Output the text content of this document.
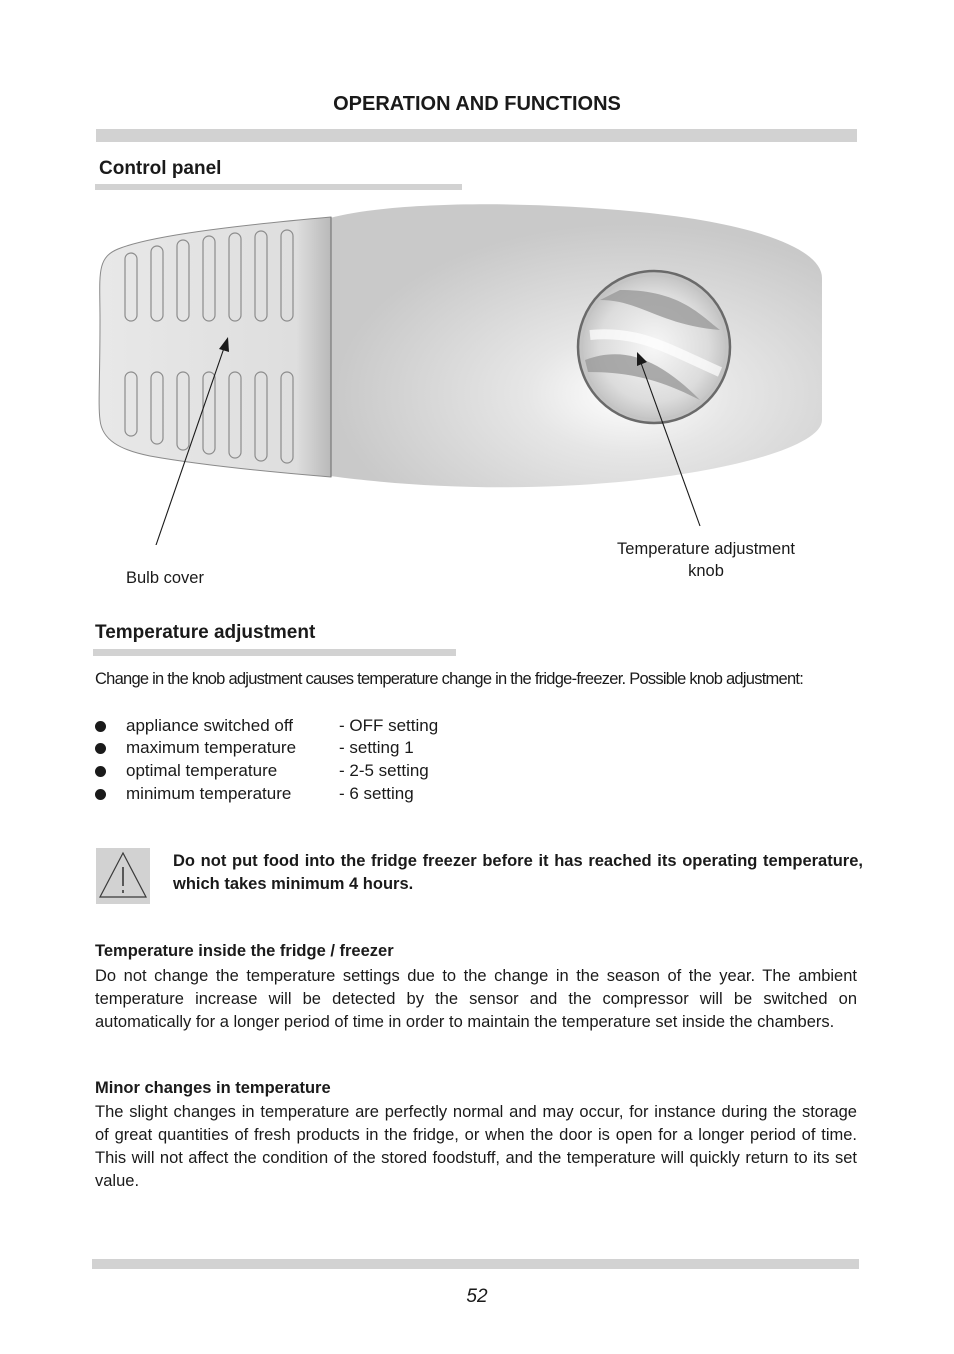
OPERATION AND FUNCTIONS
Control panel
Bulb cover
Temperature adjustment
knob
Temperature adjustment
Change in the knob adjustment causes temperature change in the fridge-freezer. Possible knob adjustment:
appliance switched off	- OFF setting
maximum temperature	- setting 1
optimal temperature	- 2-5 setting
minimum temperature	- 6 setting
Do not put food into the fridge freezer before it has reached its operating temperature, which takes minimum 4 hours.
Temperature inside the fridge / freezer
Do not change the temperature settings due to the change in the season of the year. The ambient temperature increase will be detected by the sensor and the compressor will be switched on automatically for a longer period of time in order to maintain the temperature set inside the chambers.
Minor changes in temperature
The slight changes in temperature are perfectly normal and may occur, for instance during the storage of great quantities of fresh products in the fridge, or when the door is open for a longer period of time. This will not affect the condition of the stored foodstuff, and the temperature will quickly return to its set value.
52
